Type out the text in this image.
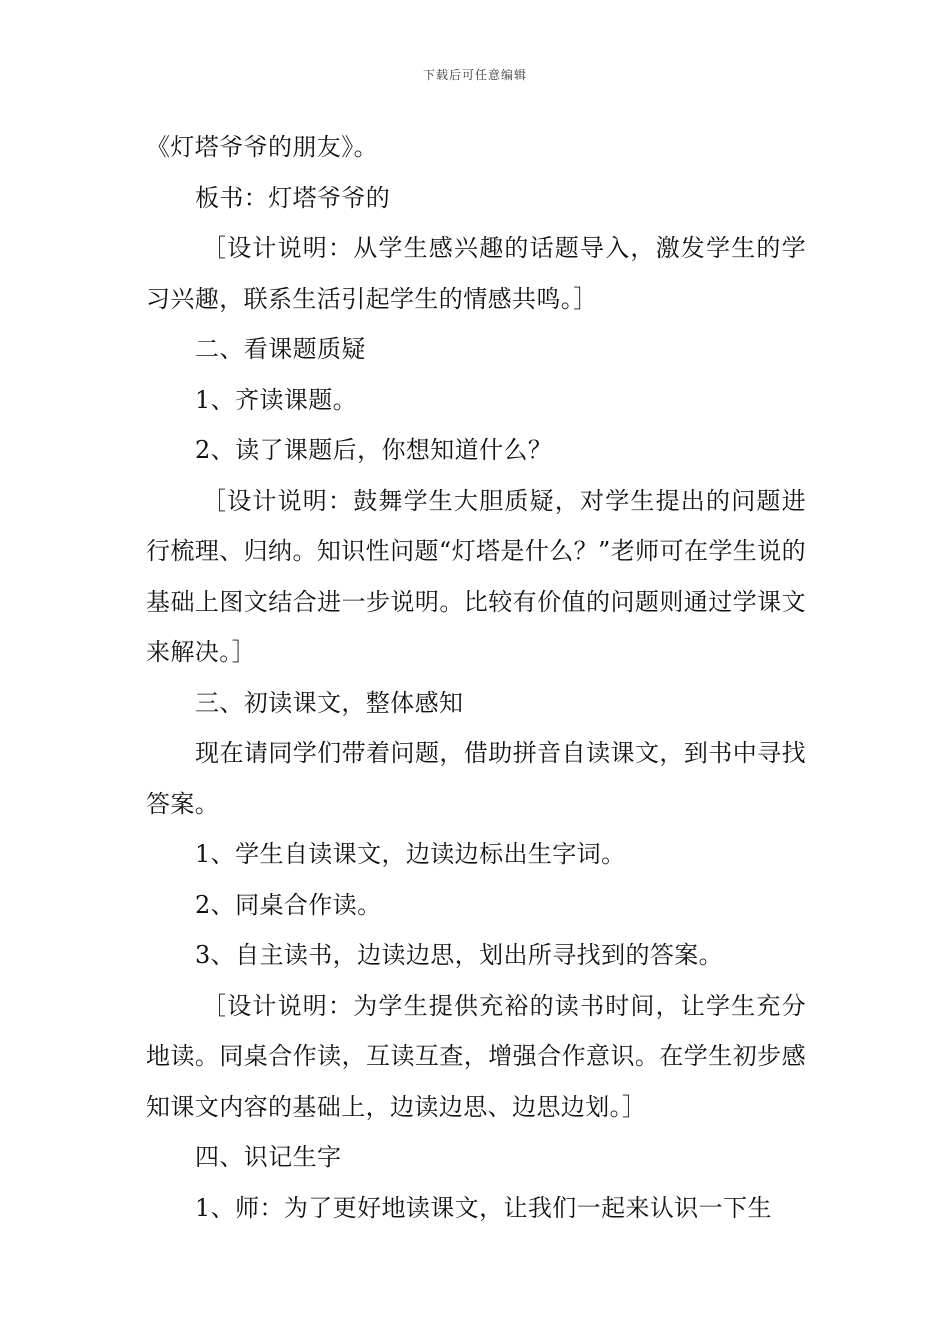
下载后可任意编辑

《灯塔爷爷的朋友》。

板书：灯塔爷爷的

［设计说明：从学生感兴趣的话题导入，激发学生的学习兴趣，联系生活引起学生的情感共鸣。］

二、看课题质疑

1、齐读课题。

2、读了课题后，你想知道什么？

［设计说明：鼓舞学生大胆质疑，对学生提出的问题进行梳理、归纳。知识性问题“灯塔是什么？”老师可在学生说的基础上图文结合进一步说明。比较有价值的问题则通过学课文来解决。］

三、初读课文，整体感知

现在请同学们带着问题，借助拼音自读课文，到书中寻找答案。

1、学生自读课文，边读边标出生字词。

2、同桌合作读。

3、自主读书，边读边思，划出所寻找到的答案。

［设计说明：为学生提供充裕的读书时间，让学生充分地读。同桌合作读，互读互查，增强合作意识。在学生初步感知课文内容的基础上，边读边思、边思边划。］

四、识记生字

1、师：为了更好地读课文，让我们一起来认识一下生
